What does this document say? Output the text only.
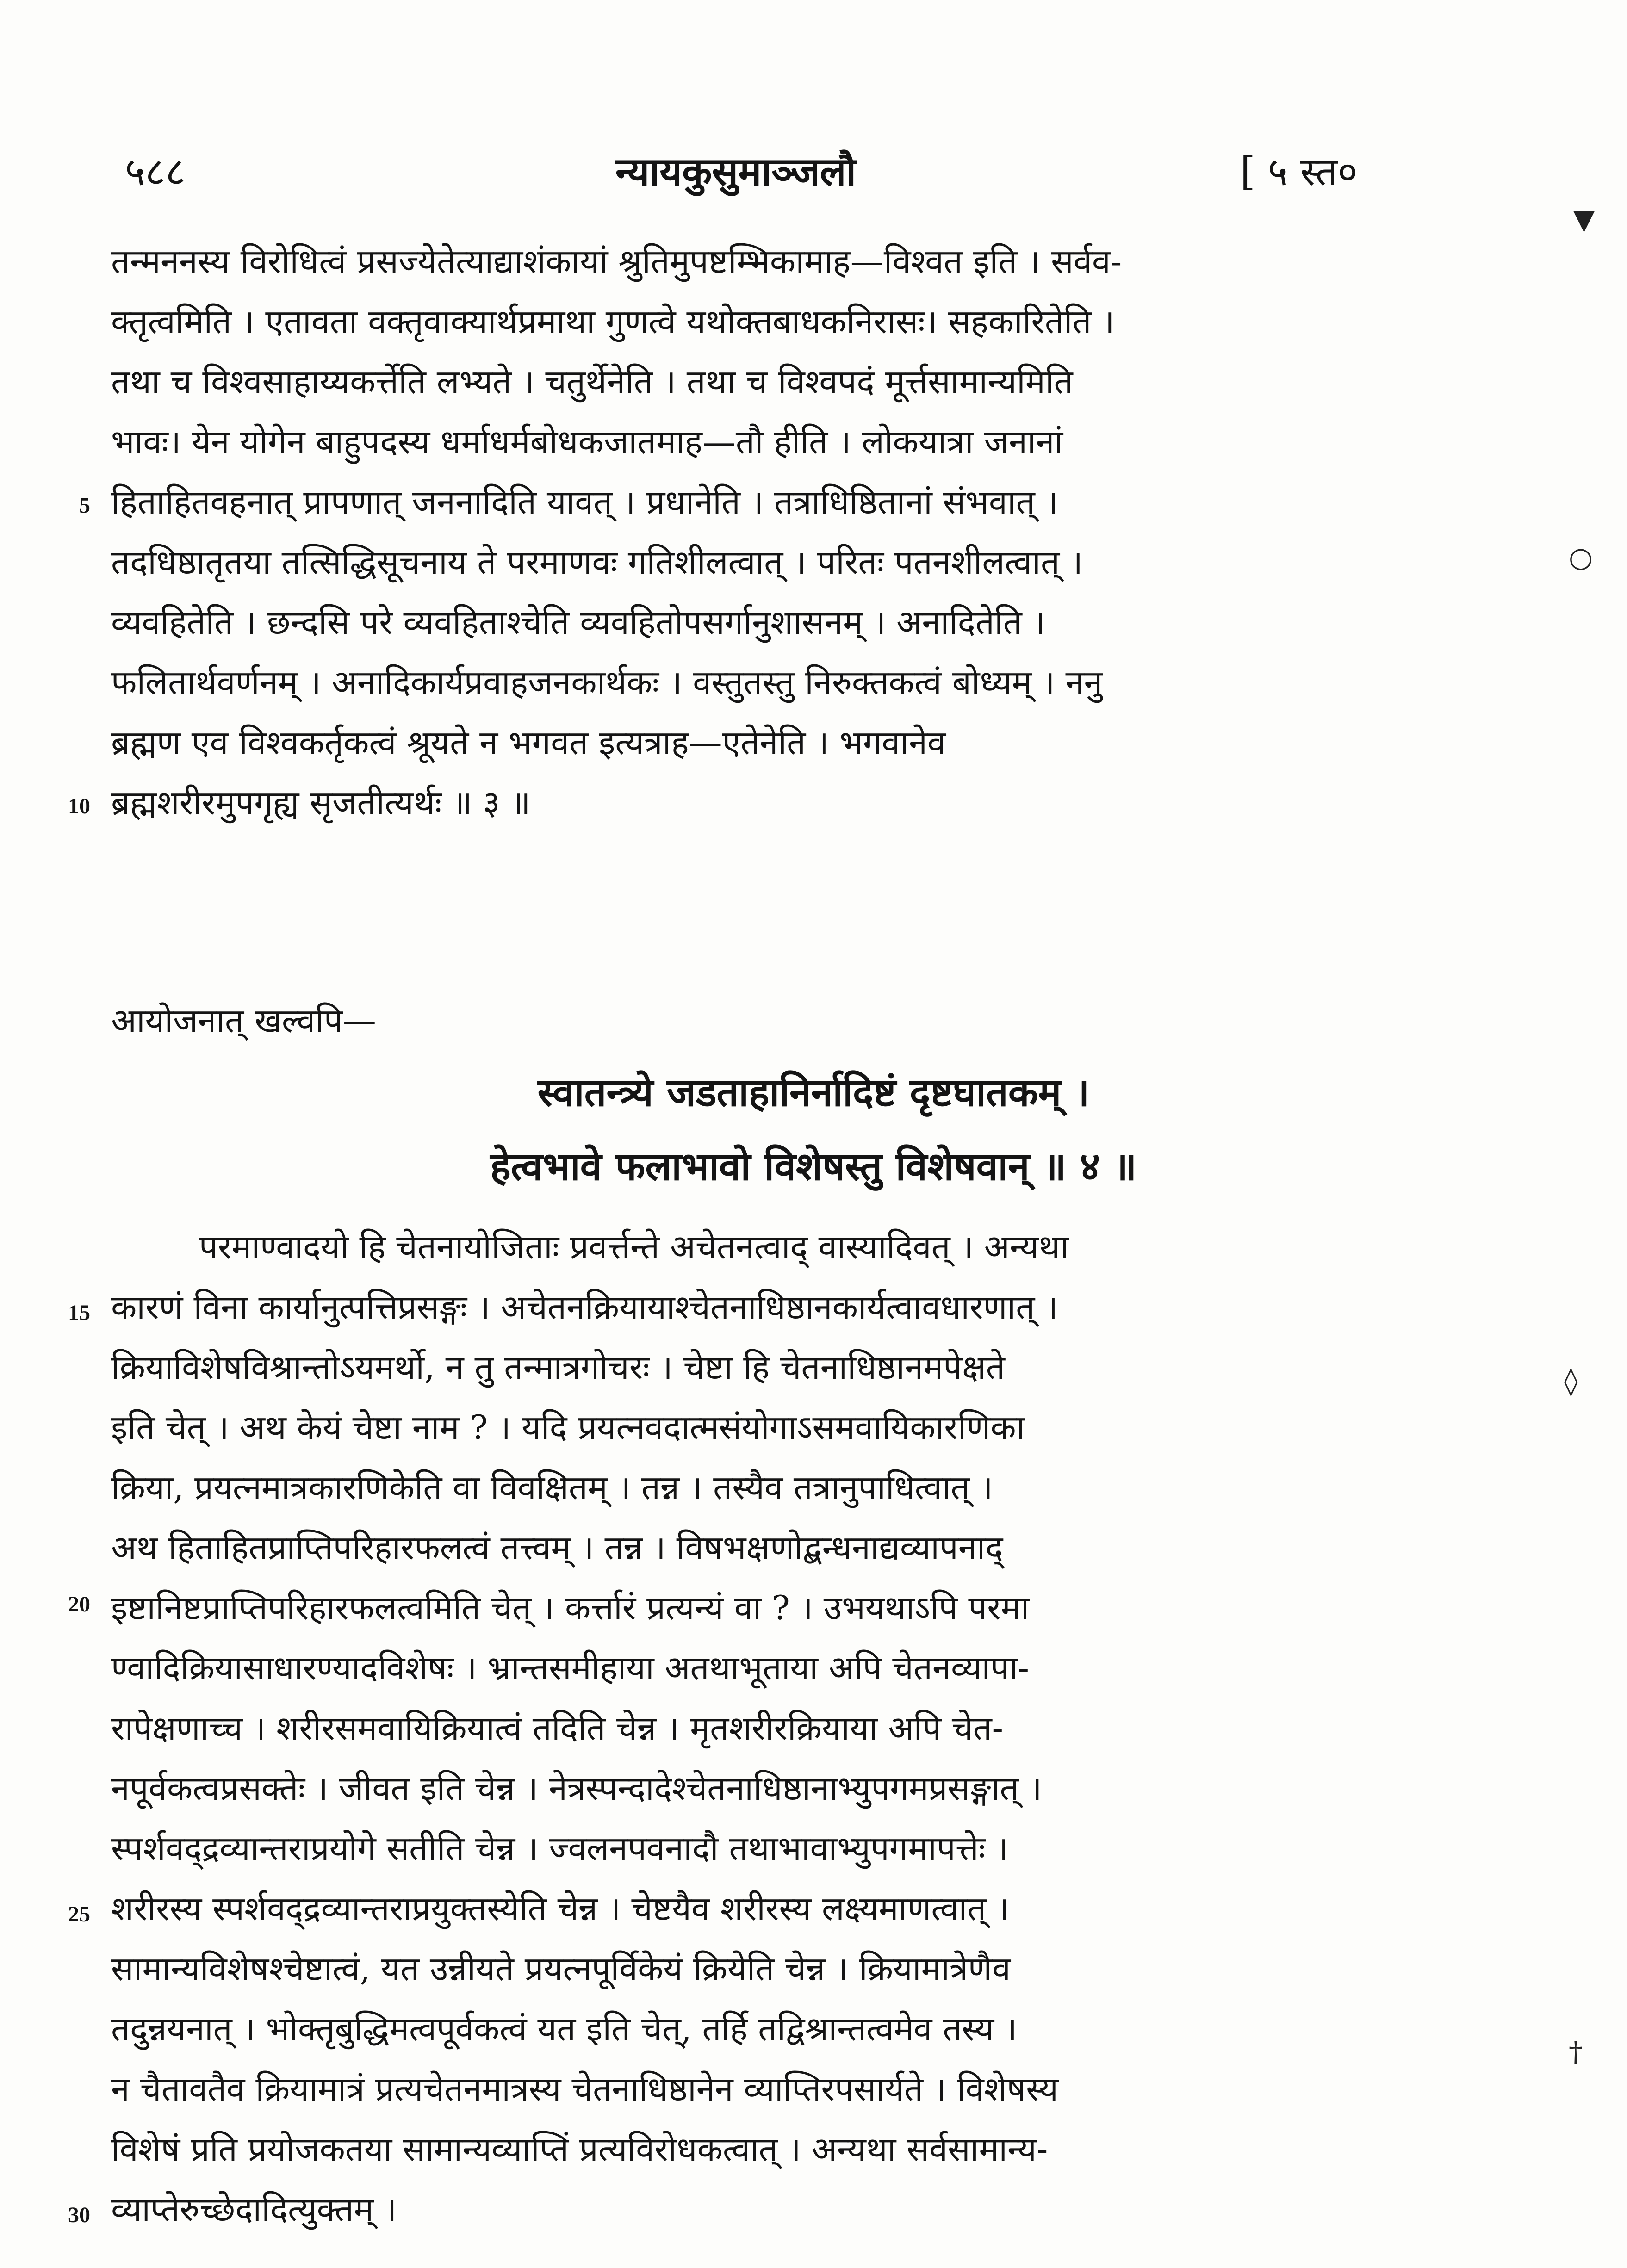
५८८	न्यायकुसुमाञ्जलौ	[ ५ स्त०
तन्मननस्य विरोधित्वं प्रसज्येतेत्याद्याशंकायां श्रुतिमुपष्टम्भिकामाह—विश्वत इति । सर्वव-
क्तृत्वमिति । एतावता वक्तृवाक्यार्थप्रमाथा गुणत्वे यथोक्तबाधकनिरासः। सहकारितेति ।
तथा च विश्वसाहाय्यकर्त्तेति लभ्यते । चतुर्थेनेति । तथा च विश्वपदं मूर्त्तसामान्यमिति
भावः। येन योगेन बाहुपदस्य धर्माधर्मबोधकजातमाह—तौ हीति । लोकयात्रा जनानां
हिताहितवहनात् प्रापणात् जननादिति यावत् । प्रधानेति । तत्राधिष्ठितानां संभवात् ।
तदधिष्ठातृतया तत्सिद्धिसूचनाय ते परमाणवः गतिशीलत्वात् । परितः पतनशीलत्वात् ।
व्यवहितेति । छन्दसि परे व्यवहिताश्चेति व्यवहितोपसर्गानुशासनम् । अनादितेति ।
फलितार्थवर्णनम् । अनादिकार्यप्रवाहजनकार्थकः । वस्तुतस्तु निरुक्तकत्वं बोध्यम् । ननु
ब्रह्मण एव विश्वकर्तृकत्वं श्रूयते न भगवत इत्यत्राह—एतेनेति । भगवानेव
ब्रह्मशरीरमुपगृह्य सृजतीत्यर्थः ॥ ३ ॥
5
10
आयोजनात् खल्वपि—
स्वातन्त्र्ये जडताहानिर्नादिष्टं दृष्टघातकम् ।
हेत्वभावे फलाभावो विशेषस्तु विशेषवान् ॥ ४ ॥
परमाण्वादयो हि चेतनायोजिताः प्रवर्त्तन्ते अचेतनत्वाद् वास्यादिवत् । अन्यथा
कारणं विना कार्यानुत्पत्तिप्रसङ्गः । अचेतनक्रियायाश्चेतनाधिष्ठानकार्यत्वावधारणात् ।
क्रियाविशेषविश्रान्तोऽयमर्थो, न तु तन्मात्रगोचरः । चेष्टा हि चेतनाधिष्ठानमपेक्षते
इति चेत् । अथ केयं चेष्टा नाम ? । यदि प्रयत्नवदात्मसंयोगाऽसमवायिकारणिका
क्रिया, प्रयत्नमात्रकारणिकेति वा विवक्षितम् । तन्न । तस्यैव तत्रानुपाधित्वात् ।
अथ हिताहितप्राप्तिपरिहारफलत्वं तत्त्वम् । तन्न । विषभक्षणोद्बन्धनाद्यव्यापनाद्
इष्टानिष्टप्राप्तिपरिहारफलत्वमिति चेत् । कर्त्तारं प्रत्यन्यं वा ? । उभयथाऽपि परमा
ण्वादिक्रियासाधारण्यादविशेषः । भ्रान्तसमीहाया अतथाभूताया अपि चेतनव्यापा-
रापेक्षणाच्च । शरीरसमवायिक्रियात्वं तदिति चेन्न । मृतशरीरक्रियाया अपि चेत-
नपूर्वकत्वप्रसक्तेः । जीवत इति चेन्न । नेत्रस्पन्दादेश्चेतनाधिष्ठानाभ्युपगमप्रसङ्गात् ।
स्पर्शवद्द्रव्यान्तराप्रयोगे सतीति चेन्न । ज्वलनपवनादौ तथाभावाभ्युपगमापत्तेः ।
शरीरस्य स्पर्शवद्द्रव्यान्तराप्रयुक्तस्येति चेन्न । चेष्टयैव शरीरस्य लक्ष्यमाणत्वात् ।
सामान्यविशेषश्चेष्टात्वं, यत उन्नीयते प्रयत्नपूर्विकेयं क्रियेति चेन्न । क्रियामात्रेणैव
तदुन्नयनात् । भोक्तृबुद्धिमत्वपूर्वकत्वं यत इति चेत्, तर्हि तद्विश्रान्तत्वमेव तस्य ।
न चैतावतैव क्रियामात्रं प्रत्यचेतनमात्रस्य चेतनाधिष्ठानेन व्याप्तिरपसार्यते । विशेषस्य
विशेषं प्रति प्रयोजकतया सामान्यव्याप्तिं प्रत्यविरोधकत्वात् । अन्यथा सर्वसामान्य-
व्याप्तेरुच्छेदादित्युक्तम् ।
15
20
25
30
▼
○
◊
†
